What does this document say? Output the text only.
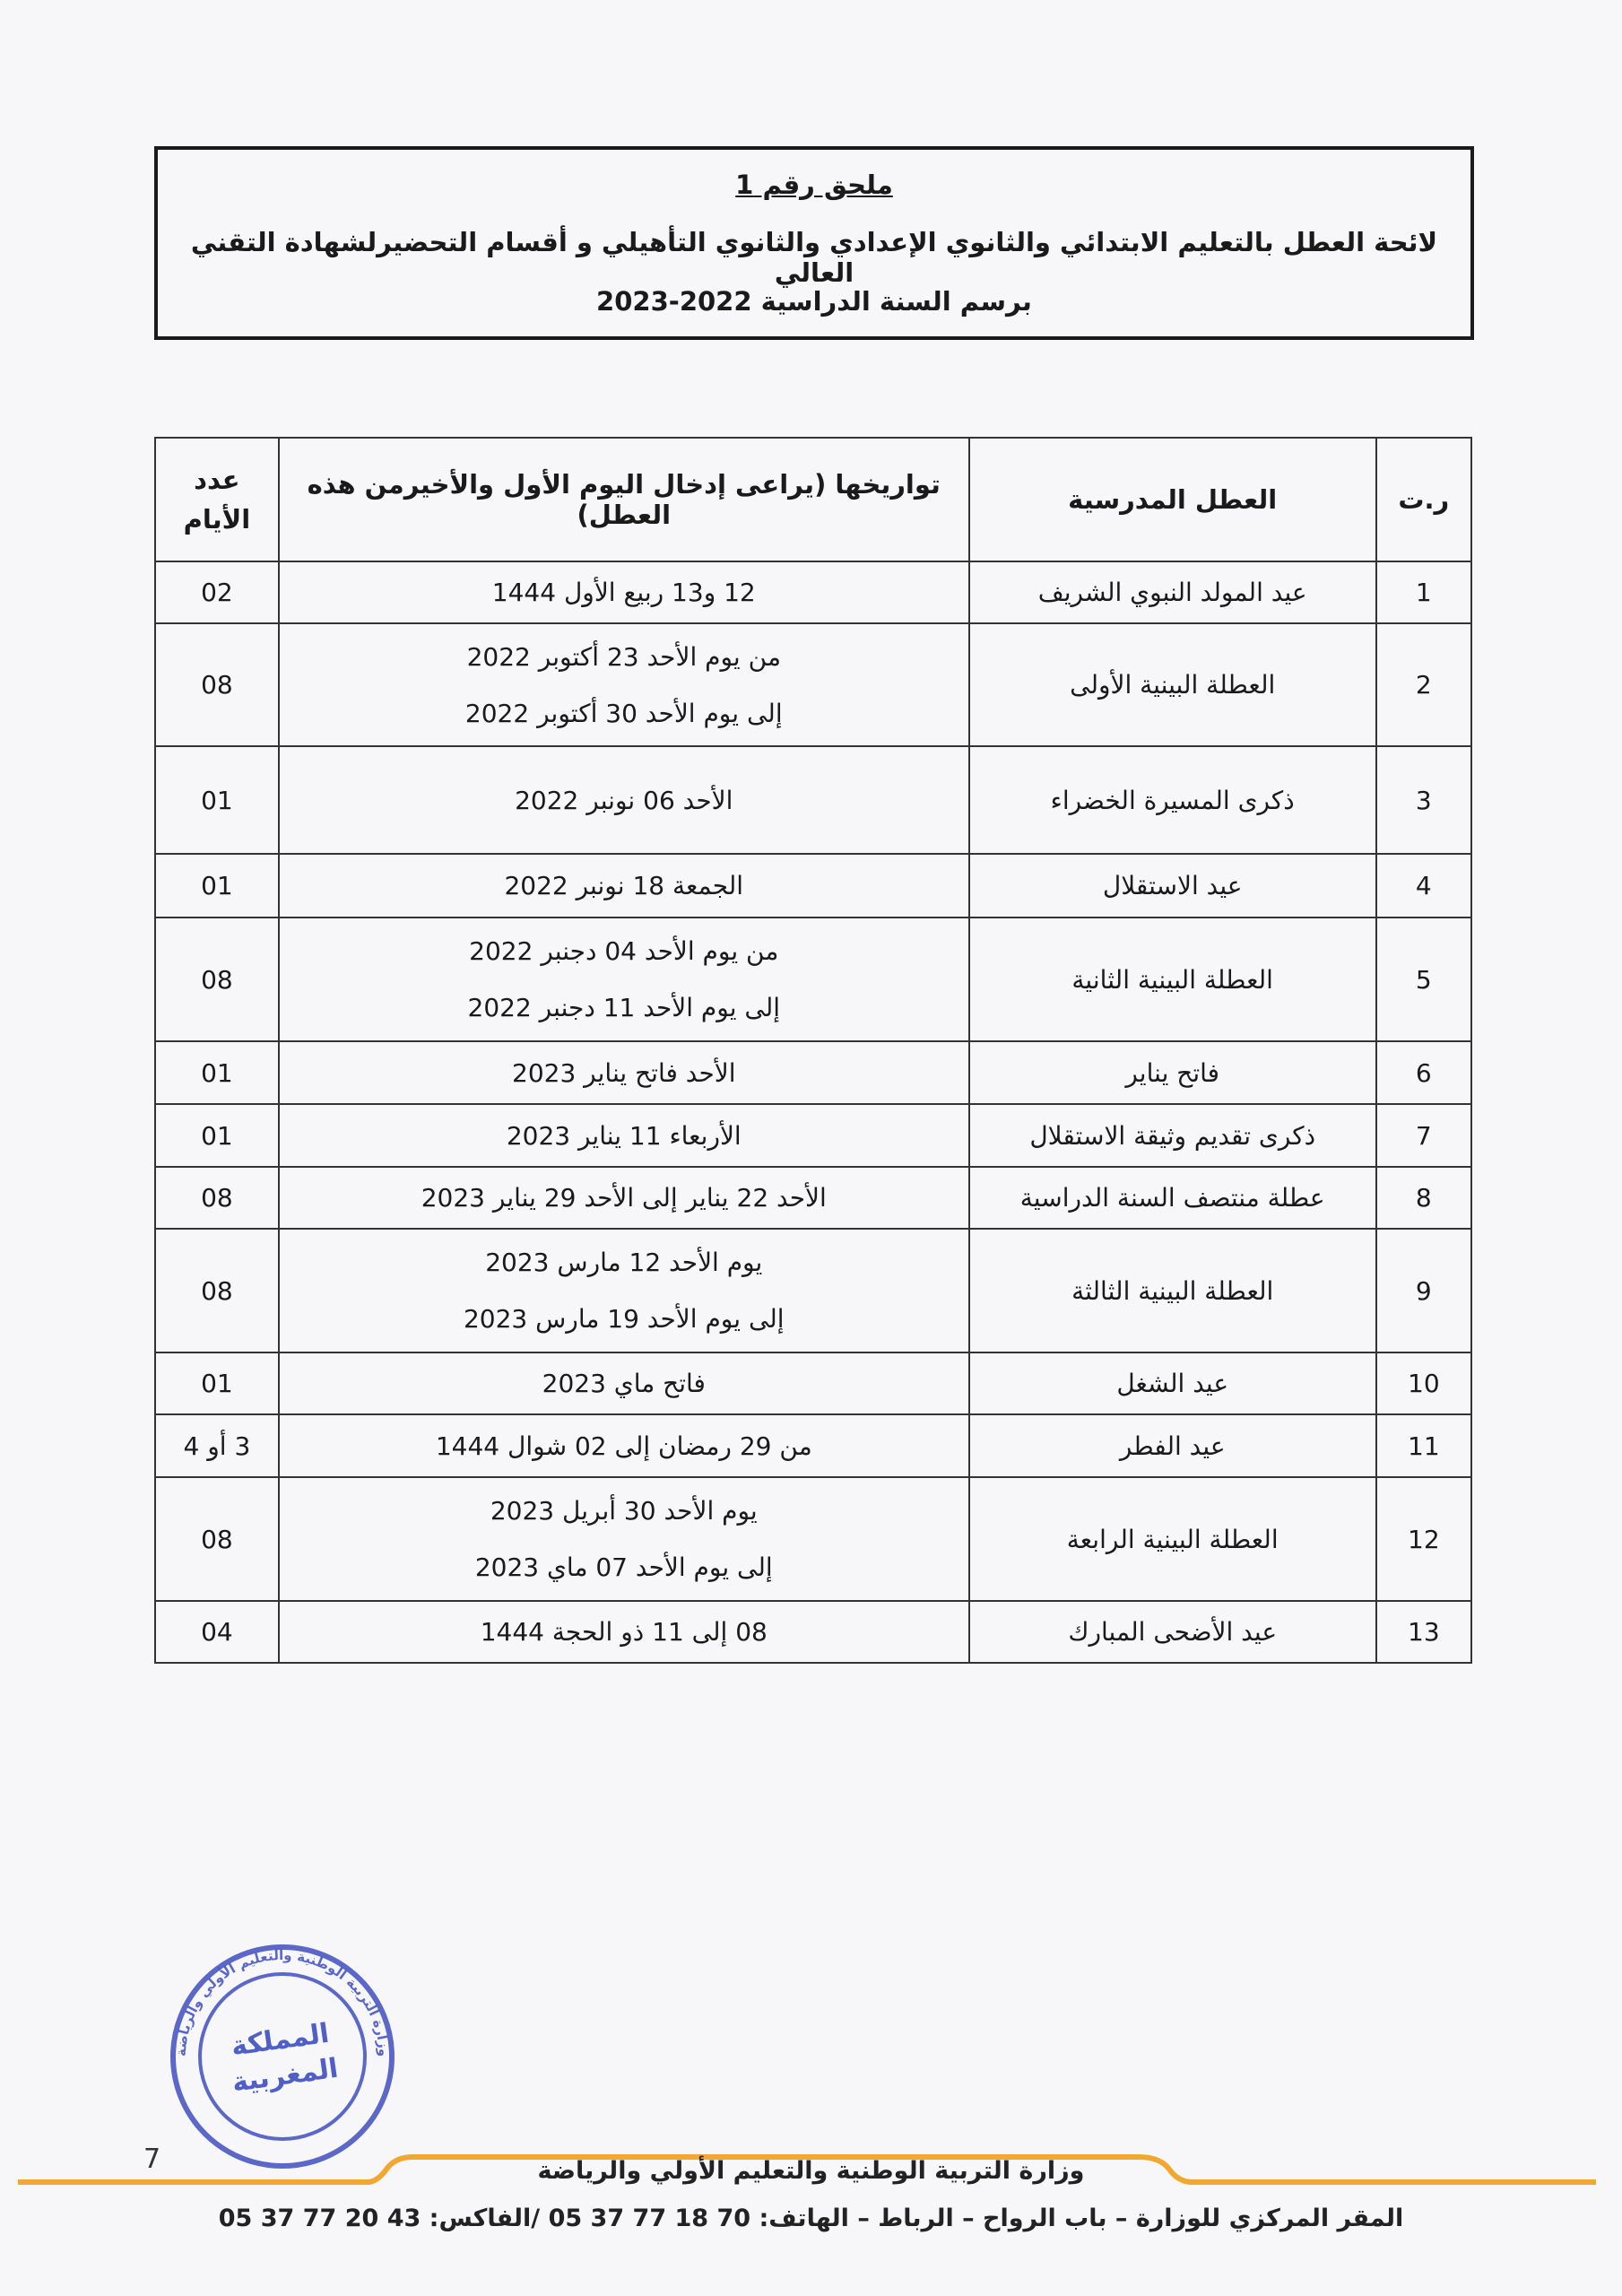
ملحق رقم 1
لائحة العطل بالتعليم الابتدائي والثانوي الإعدادي والثانوي التأهيلي و أقسام التحضيرلشهادة التقني العالي
برسم السنة الدراسية 2022-2023
ر.ت	العطل المدرسية	تواريخها (يراعى إدخال اليوم الأول والأخيرمن هذه العطل)	عدد
الأيام
1	عيد المولد النبوي الشريف	12 و13 ربيع الأول 1444	02
2	العطلة البينية الأولى	من يوم الأحد 23 أكتوبر 2022
إلى يوم الأحد 30 أكتوبر 2022	08
3	ذكرى المسيرة الخضراء	الأحد 06 نونبر 2022	01
4	عيد الاستقلال	الجمعة 18 نونبر 2022	01
5	العطلة البينية الثانية	من يوم الأحد 04 دجنبر 2022
إلى يوم الأحد 11 دجنبر 2022	08
6	فاتح يناير	الأحد فاتح يناير 2023	01
7	ذكرى تقديم وثيقة الاستقلال	الأربعاء 11 يناير 2023	01
8	عطلة منتصف السنة الدراسية	الأحد 22 يناير إلى الأحد 29 يناير 2023	08
9	العطلة البينية الثالثة	يوم الأحد 12 مارس 2023
إلى يوم الأحد 19 مارس 2023	08
10	عيد الشغل	فاتح ماي 2023	01
11	عيد الفطر	من 29 رمضان إلى 02 شوال 1444	3 أو 4
12	العطلة البينية الرابعة	يوم الأحد 30 أبريل 2023
إلى يوم الأحد 07 ماي 2023	08
13	عيد الأضحى المبارك	08 إلى 11 ذو الحجة 1444	04
وزارة التربية الوطنية والتعليم الأولي والرياضة
المملكة
المغربية
7	وزارة التربية الوطنية والتعليم الأولي والرياضة
المقر المركزي للوزارة – باب الرواح – الرباط – الهاتف: 70 18 77 37 05 /الفاكس: 43 20 77 37 05
